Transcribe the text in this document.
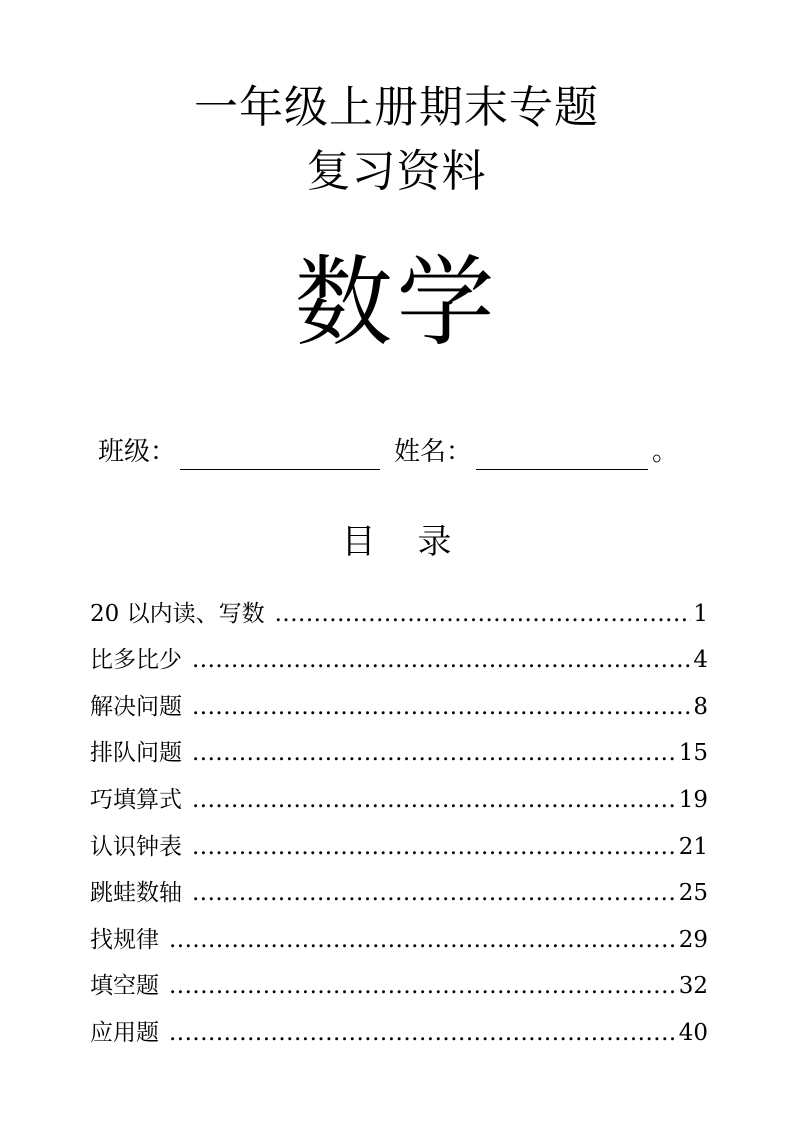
一年级上册期末专题
复习资料
数学
班级：	姓名：	。
目 录
20 以内读、写数 .....	1
比多比少 .....	4
解决问题 .....	8
排队问题 .....	15
巧填算式 .....	19
认识钟表 .....	21
跳蛙数轴 .....	25
找规律 .....	29
填空题 .....	32
应用题 .....	40
